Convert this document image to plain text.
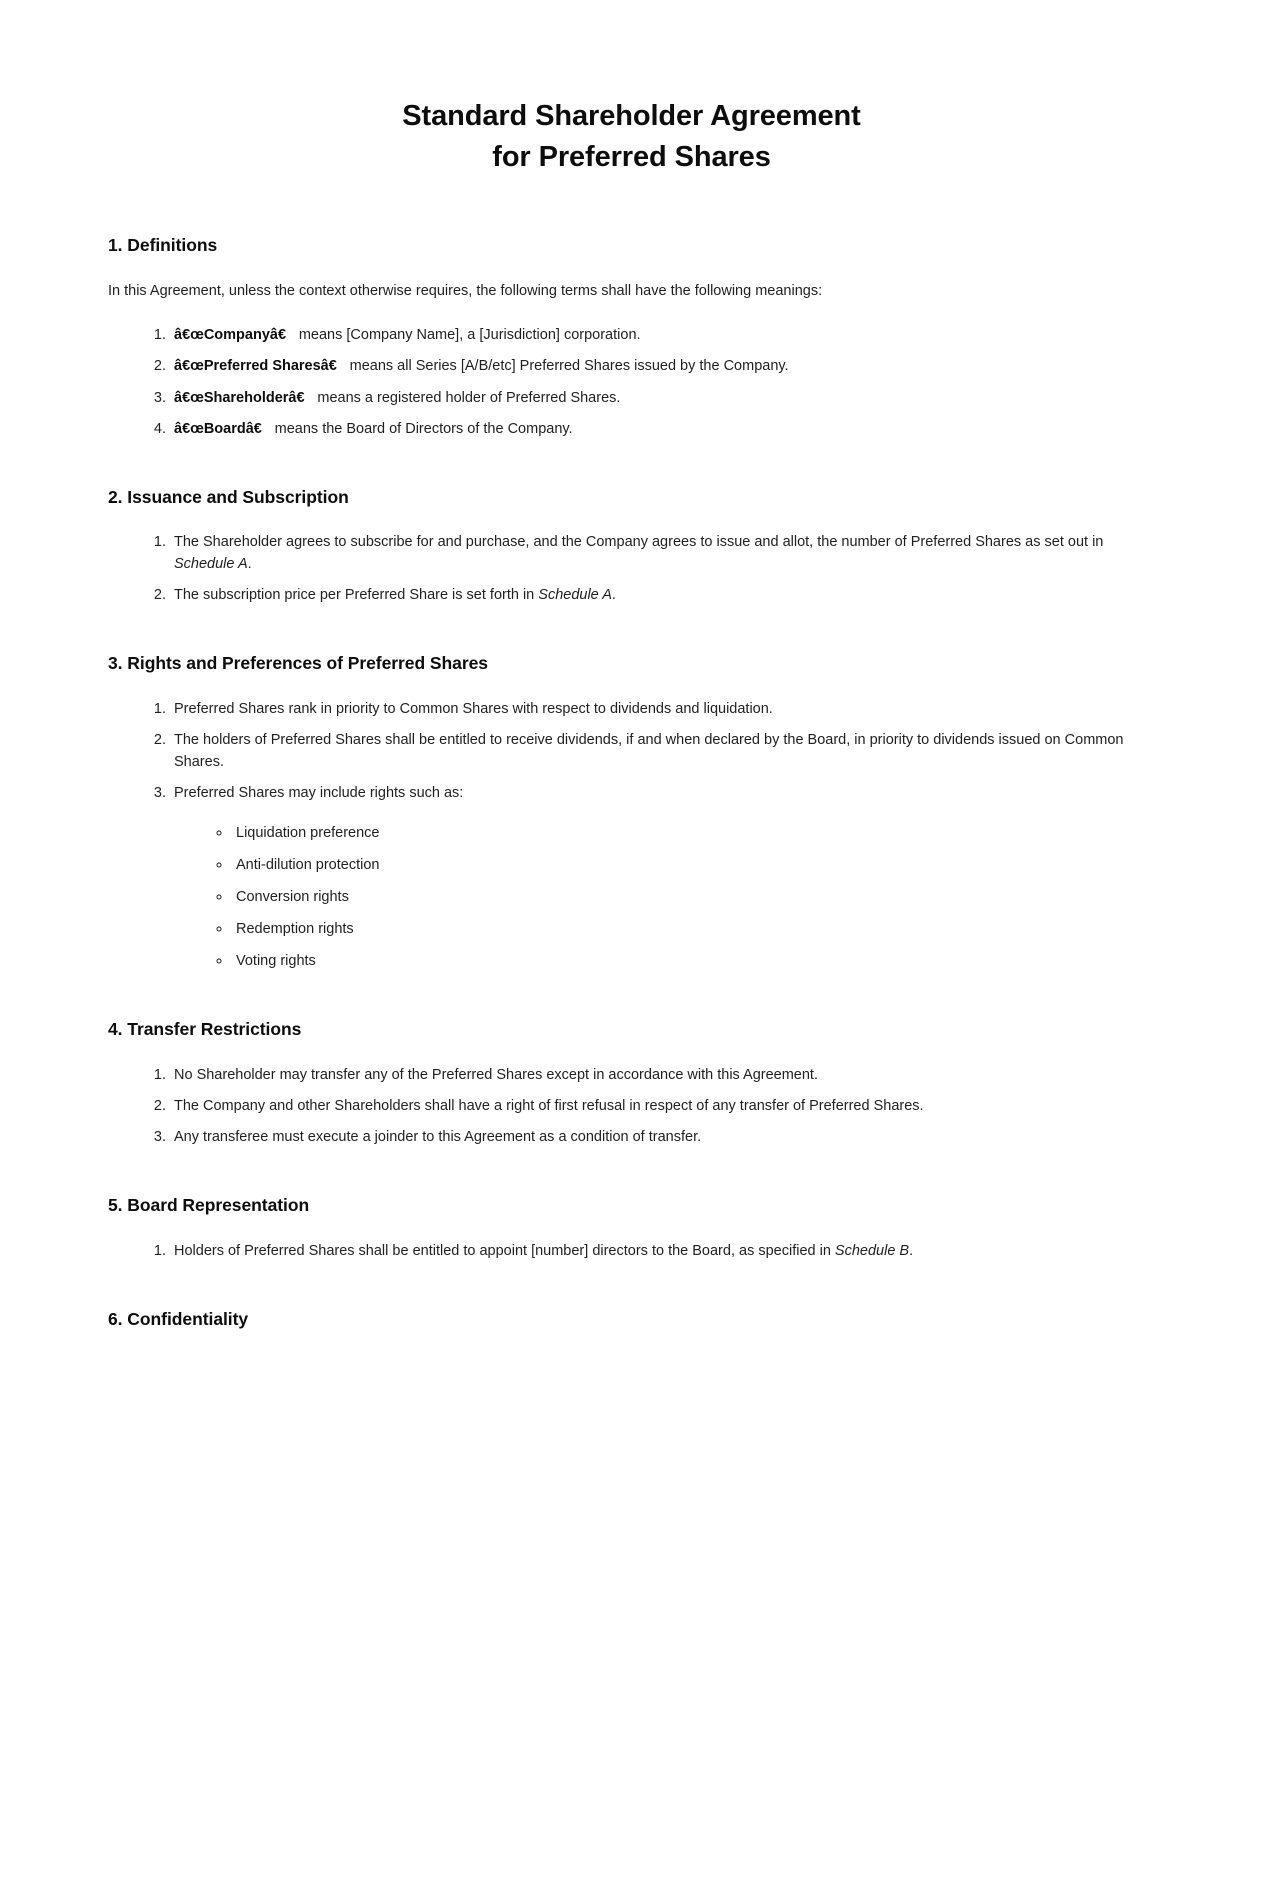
Standard Shareholder Agreement
for Preferred Shares
1. Definitions

In this Agreement, unless the context otherwise requires, the following terms shall have the following meanings:

1. â€œCompanyâ€ means [Company Name], a [Jurisdiction] corporation.
2. â€œPreferred Sharesâ€ means all Series [A/B/etc] Preferred Shares issued by the Company.
3. â€œShareholderâ€ means a registered holder of Preferred Shares.
4. â€œBoardâ€ means the Board of Directors of the Company.
2. Issuance and Subscription
1. The Shareholder agrees to subscribe for and purchase, and the Company agrees to issue and allot, the number of Preferred Shares as set out in Schedule A.
2. The subscription price per Preferred Share is set forth in Schedule A.
3. Rights and Preferences of Preferred Shares
1. Preferred Shares rank in priority to Common Shares with respect to dividends and liquidation.
2. The holders of Preferred Shares shall be entitled to receive dividends, if and when declared by the Board, in priority to dividends issued on Common Shares.
3. Preferred Shares may include rights such as:
◦ Liquidation preference
◦ Anti-dilution protection
◦ Conversion rights
◦ Redemption rights
◦ Voting rights
4. Transfer Restrictions
1. No Shareholder may transfer any of the Preferred Shares except in accordance with this Agreement.
2. The Company and other Shareholders shall have a right of first refusal in respect of any transfer of Preferred Shares.
3. Any transferee must execute a joinder to this Agreement as a condition of transfer.
5. Board Representation
1. Holders of Preferred Shares shall be entitled to appoint [number] directors to the Board, as specified in Schedule B.
6. Confidentiality
